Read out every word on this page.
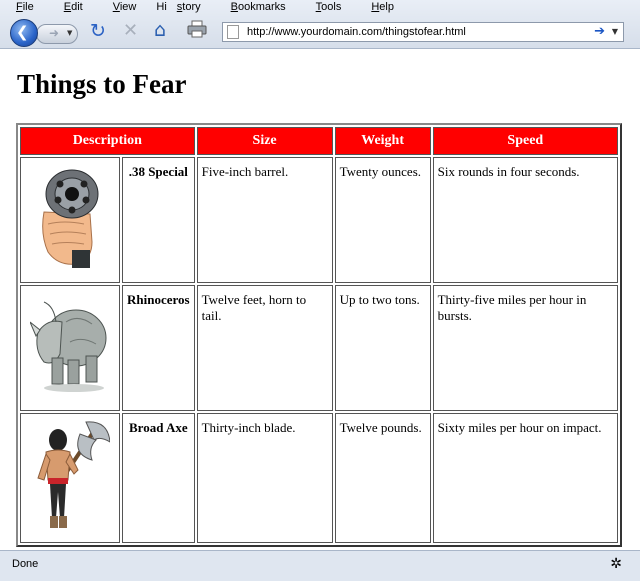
File	Edit	View	Hi story	Bookmarks	Tools	Help
➜ ▼
❮	↻ ✕ ⌂	http://www.yourdomain.com/thingstofear.html	➔ ▼
Things to Fear
Description		Size	Weight	Speed
	.38 Special	Five-inch barrel.	Twenty ounces.	Six rounds in four seconds.
	Rhinoceros	Twelve feet, horn to tail.	Up to two tons.	Thirty-five miles per hour in bursts.
	Broad Axe	Thirty-inch blade.	Twelve pounds.	Sixty miles per hour on impact.
Done	✲
